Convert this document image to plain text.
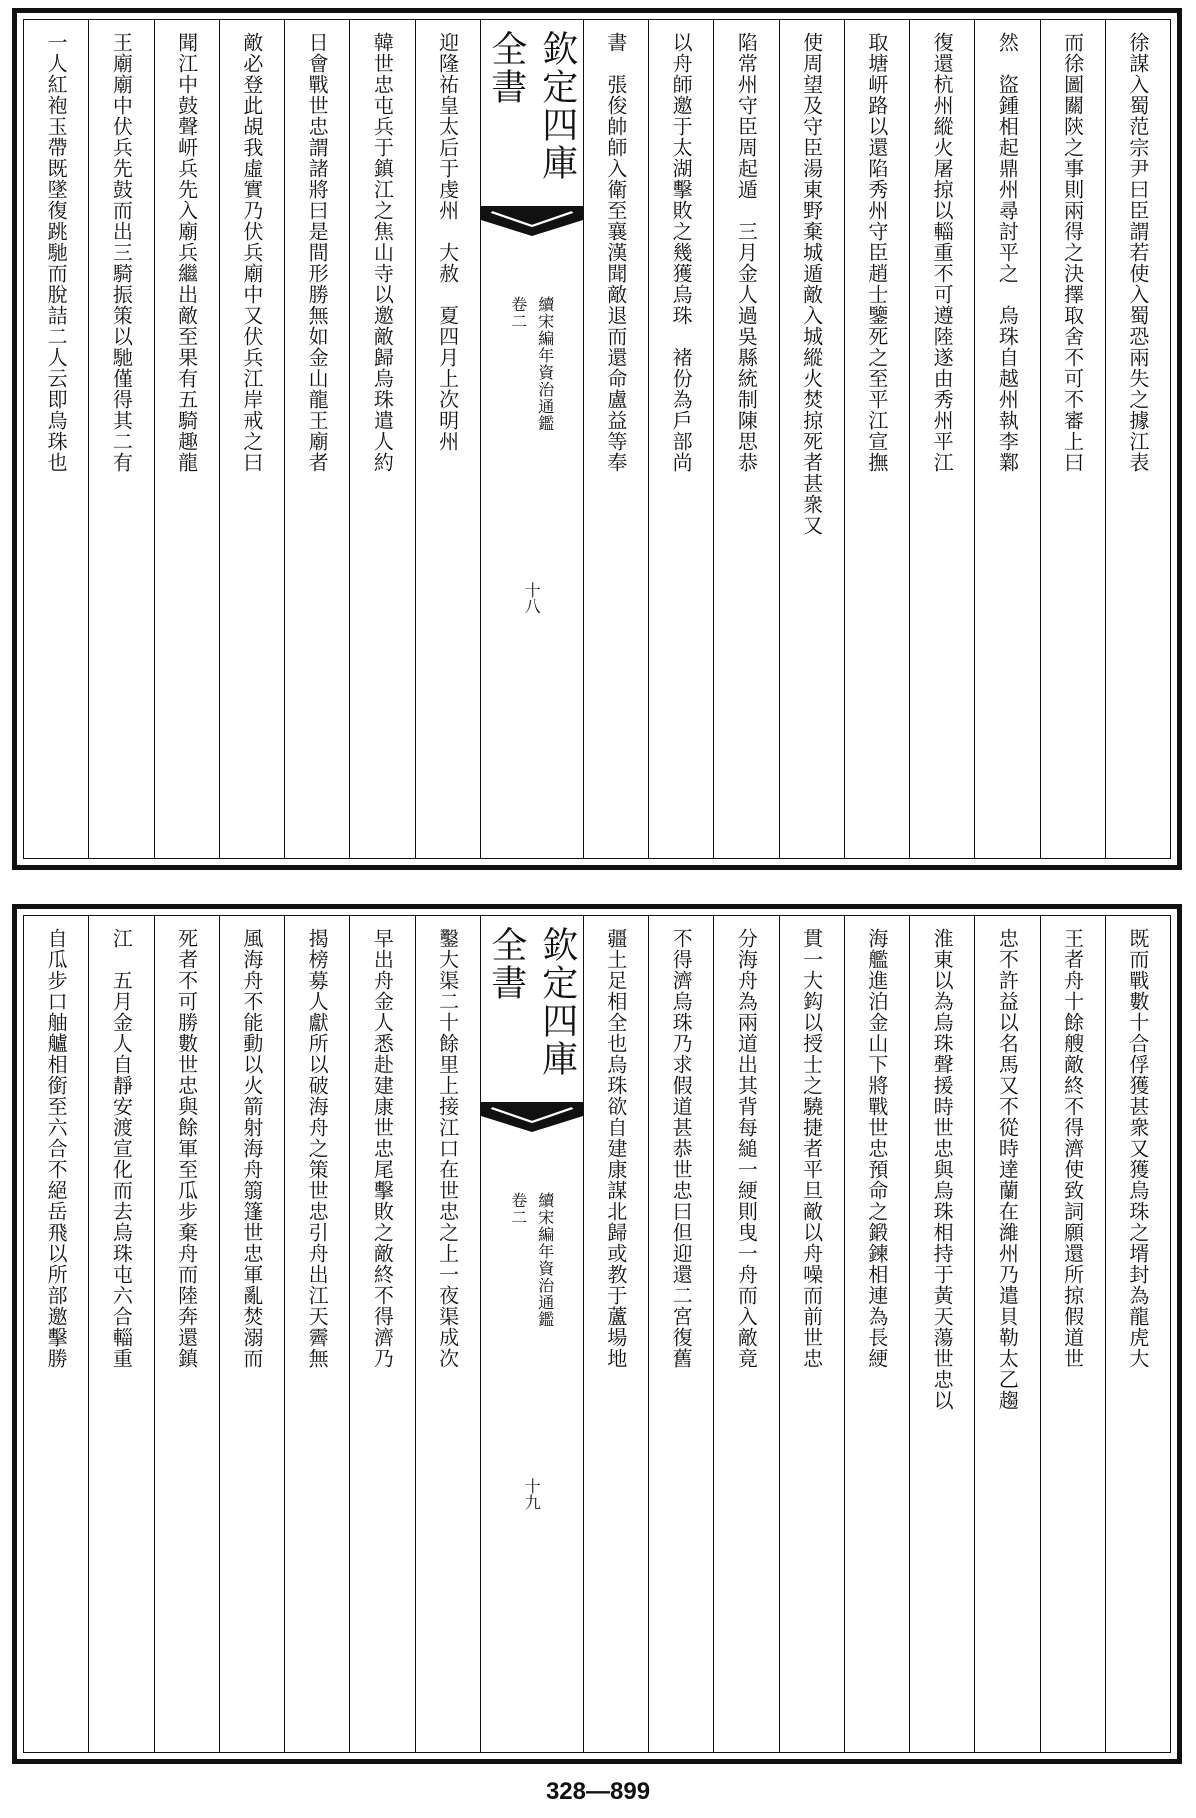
徐謀入蜀范宗尹曰臣謂若使入蜀恐兩失之據江表
而徐圖關陝之事則兩得之決擇取舍不可不審上曰
然　盜鍾相起鼎州尋討平之　烏珠自越州執李鄴
復還杭州縱火屠掠以輜重不可遵陸遂由秀州平江
取塘岍路以還陷秀州守臣趙士鑒死之至平江宣撫
使周望及守臣湯東野棄城遁敵入城縱火焚掠死者甚衆又
陷常州守臣周起遁　三月金人過吳縣統制陳思恭
以舟師邀于太湖擊敗之幾獲烏珠　褚份為戶部尚
書　張俊帥師入衛至襄漢聞敵退而還命盧益等奉
欽定四庫全書
續宋編年資治通鑑
卷二
十八
迎隆祐皇太后于虔州　大赦　夏四月上次明州
韓世忠屯兵于鎮江之焦山寺以邀敵歸烏珠遣人約
日會戰世忠謂諸將曰是間形勝無如金山龍王廟者
敵必登此覘我虛實乃伏兵廟中又伏兵江岸戒之曰
聞江中鼓聲岍兵先入廟兵繼出敵至果有五騎趣龍
王廟廟中伏兵先鼓而出三騎振策以馳僅得其二有
一人紅袍玉帶既墜復跳馳而脫詰二人云即烏珠也
既而戰數十合俘獲甚衆又獲烏珠之壻封為龍虎大
王者舟十餘艘敵終不得濟使致詞願還所掠假道世
忠不許益以名馬又不從時達蘭在濰州乃遣貝勒太乙趨
淮東以為烏珠聲援時世忠與烏珠相持于黃天蕩世忠以
海艦進泊金山下將戰世忠預命之鍛鍊相連為長綆
貫一大鈎以授士之驍捷者平旦敵以舟噪而前世忠
分海舟為兩道出其背每縋一綆則曳一舟而入敵竟
不得濟烏珠乃求假道甚恭世忠曰但迎還二宮復舊
疆土足相全也烏珠欲自建康謀北歸或教于蘆場地
欽定四庫全書
續宋編年資治通鑑
卷二
十九
鑿大渠二十餘里上接江口在世忠之上一夜渠成次
早出舟金人悉赴建康世忠尾擊敗之敵終不得濟乃
揭榜募人獻所以破海舟之策世忠引舟出江天霽無
風海舟不能動以火箭射海舟篛篷世忠軍亂焚溺而
死者不可勝數世忠與餘軍至瓜步棄舟而陸奔還鎮
江　五月金人自靜安渡宣化而去烏珠屯六合輜重
自瓜步口舳艫相銜至六合不絕岳飛以所部邀擊勝
328—899
